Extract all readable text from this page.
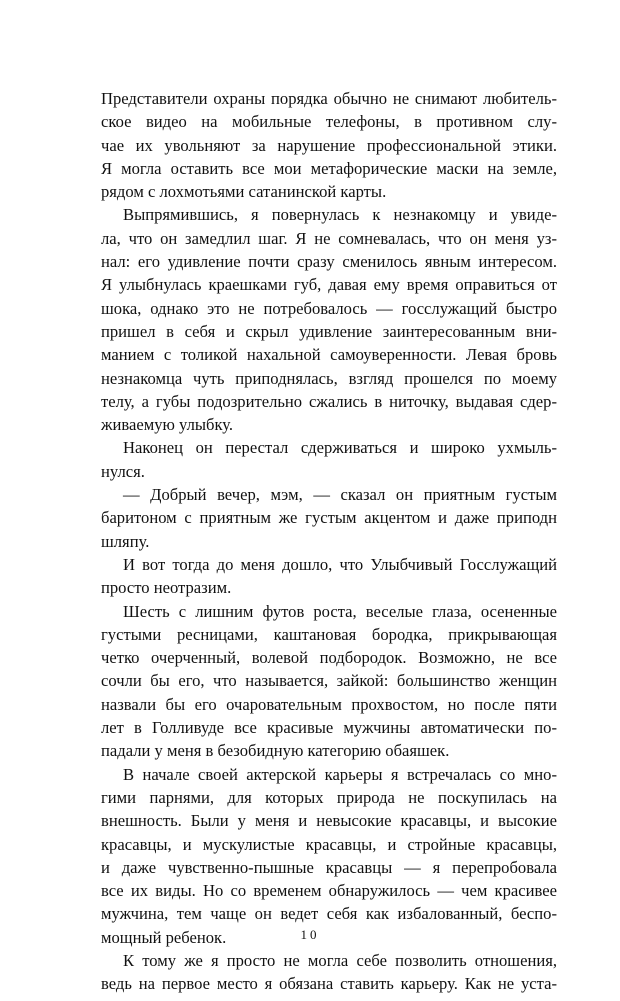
Представители охраны порядка обычно не снимают любитель-
ское видео на мобильные телефоны, в противном слу-
чае их увольняют за нарушение профессиональной этики.
Я могла оставить все мои метафорические маски на земле,
рядом с лохмотьями сатанинской карты.
Выпрямившись, я повернулась к незнакомцу и увиде-
ла, что он замедлил шаг. Я не сомневалась, что он меня уз-
нал: его удивление почти сразу сменилось явным интересом.
Я улыбнулась краешками губ, давая ему время оправиться от
шока, однако это не потребовалось — госслужащий быстро
пришел в себя и скрыл удивление заинтересованным вни-
манием с толикой нахальной самоуверенности. Левая бровь
незнакомца чуть приподнялась, взгляд прошелся по моему
телу, а губы подозрительно сжались в ниточку, выдавая сдер-
живаемую улыбку.
Наконец он перестал сдерживаться и широко ухмыль-
нулся.
— Добрый вечер, мэм, — сказал он приятным густым
баритоном с приятным же густым акцентом и даже приподн
шляпу.
И вот тогда до меня дошло, что Улыбчивый Госслужащий
просто неотразим.
Шесть с лишним футов роста, веселые глаза, осененные
густыми ресницами, каштановая бородка, прикрывающая
четко очерченный, волевой подбородок. Возможно, не все
сочли бы его, что называется, зайкой: большинство женщин
назвали бы его очаровательным прохвостом, но после пяти
лет в Голливуде все красивые мужчины автоматически по-
падали у меня в безобидную категорию обаяшек.
В начале своей актерской карьеры я встречалась со мно-
гими парнями, для которых природа не поскупилась на
внешность. Были у меня и невысокие красавцы, и высокие
красавцы, и мускулистые красавцы, и стройные красавцы,
и даже чувственно-пышные красавцы — я перепробовала
все их виды. Но со временем обнаружилось — чем красивее
мужчина, тем чаще он ведет себя как избалованный, беспо-
мощный ребенок.
К тому же я просто не могла себе позволить отношения,
ведь на первое место я обязана ставить карьеру. Как не уста-
10
